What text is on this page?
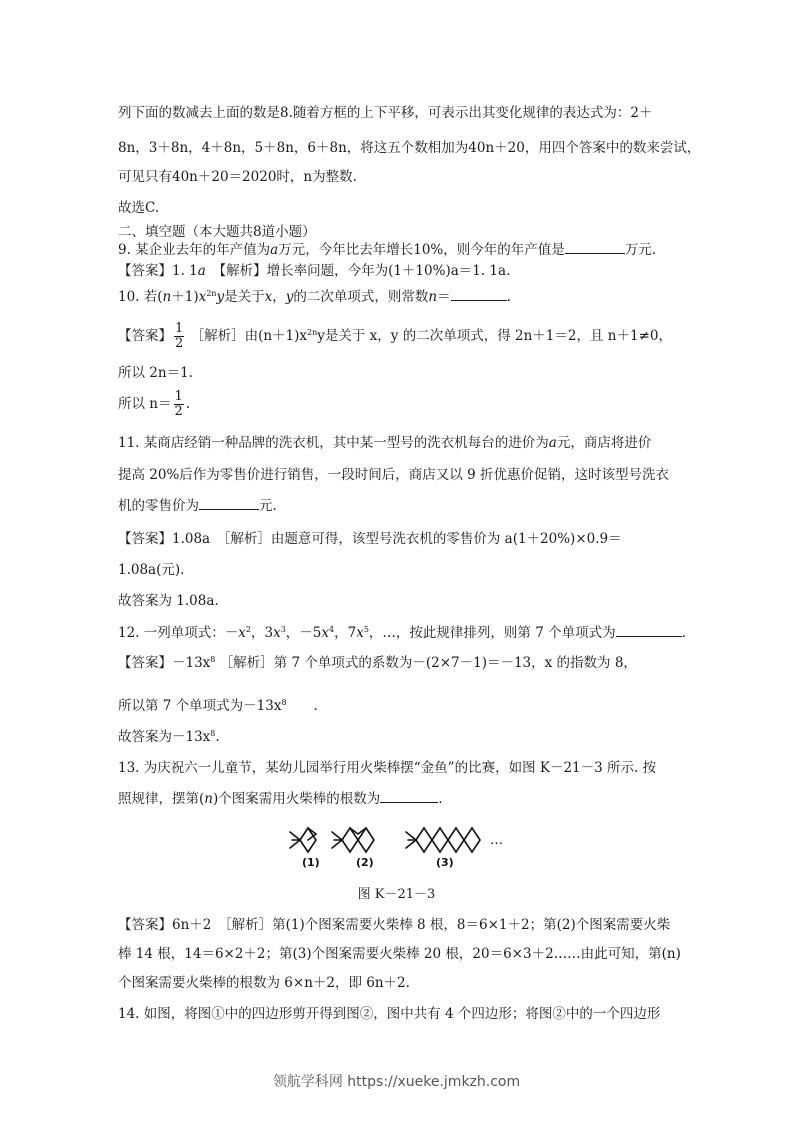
列下面的数减去上面的数是8.随着方框的上下平移，可表示出其变化规律的表达式为：2＋
8n，3＋8n，4＋8n，5＋8n，6＋8n，将这五个数相加为40n＋20，用四个答案中的数来尝试，
可见只有40n＋20＝2020时，n为整数.
故选C.
二、填空题（本大题共8道小题）
9. 某企业去年的年产值为a万元，今年比去年增长10%，则今年的年产值是	万元.
【答案】1. 1a　【解析】增长率问题，今年为(1＋10%)a＝1. 1a.
10. 若$(n+1)x^{2n}y$是关于x，y的二次单项式，则常数n＝	.
【答案】 $\frac{1}{2}$ ［解析］由$(n+1)x^{2n}y$是关于 x，y 的二次单项式，得 2n＋1＝2，且 n＋1≠0，
所以 2n＝1.
所以 $n= \frac{1}{2}$ .
11. 某商店经销一种品牌的洗衣机，其中某一型号的洗衣机每台的进价为a元，商店将进价
提高 20%后作为零售价进行销售，一段时间后，商店又以 9 折优惠价促销，这时该型号洗衣
机的零售价为	元.
【答案】1.08a　［解析］由题意可得，该型号洗衣机的零售价为 a(1＋20%)×0.9＝
1.08a(元).
故答案为 1.08a.
12. 一列单项式：$-x^2$，$3x^3$，$-5x^4$，$7x^5$，…，按此规律排列，则第 7 个单项式为	.
【答案】$-13x^8$ ［解析］第 7 个单项式的系数为－(2×7－1)＝－13，x 的指数为 8，
所以第 7 个单项式为$-13x^8$　　.
故答案为$-13x^8$.
13. 为庆祝六一儿童节，某幼儿园举行用火柴棒摆“金鱼”的比赛，如图 K－21－3 所示. 按
照规律，摆第(n)个图案需用火柴棒的根数为	.
…
(1)	(2)	(3)
图 K－21－3
【答案】6n＋2　［解析］第(1)个图案需要火柴棒 8 根，8＝6×1＋2；第(2)个图案需要火柴
棒 14 根，14＝6×2＋2；第(3)个图案需要火柴棒 20 根，20＝6×3＋2……由此可知，第(n)
个图案需要火柴棒的根数为 6×n＋2，即 6n＋2.
14. 如图，将图①中的四边形剪开得到图②，图中共有 4 个四边形；将图②中的一个四边形
领航学科网 https://xueke.jmkzh.com
